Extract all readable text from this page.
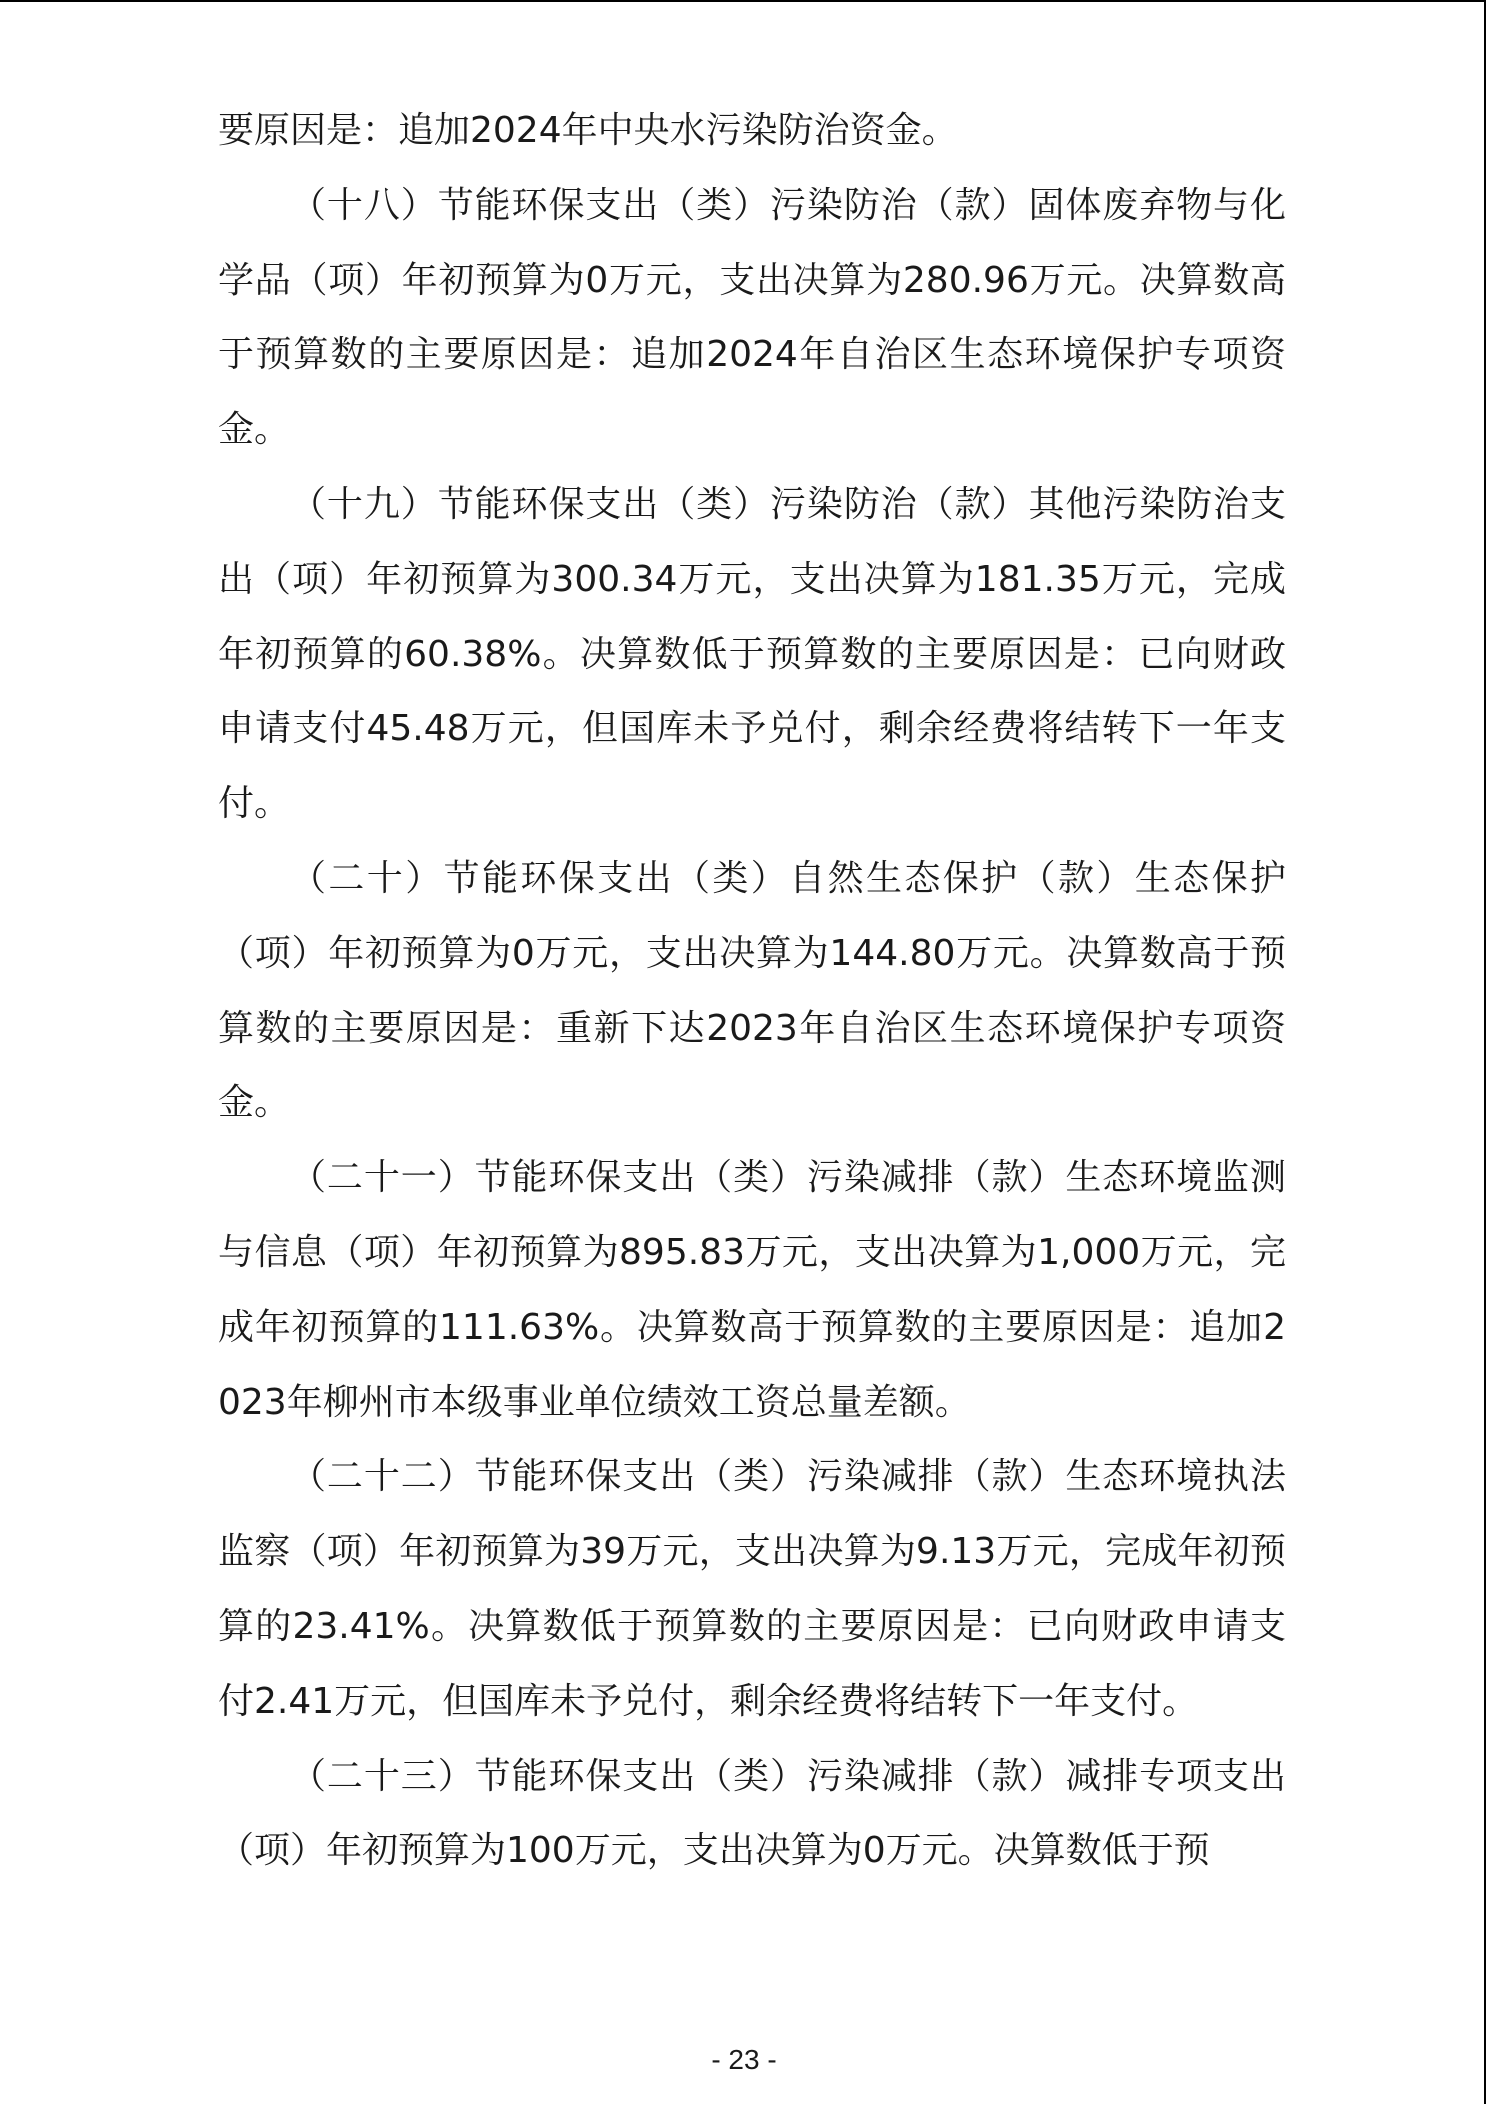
要原因是：追加2024年中央水污染防治资金。

（十八）节能环保支出（类）污染防治（款）固体废弃物与化学品（项）年初预算为0万元，支出决算为280.96万元。决算数高于预算数的主要原因是：追加2024年自治区生态环境保护专项资金。

（十九）节能环保支出（类）污染防治（款）其他污染防治支出（项）年初预算为300.34万元，支出决算为181.35万元，完成年初预算的60.38%。决算数低于预算数的主要原因是：已向财政申请支付45.48万元，但国库未予兑付，剩余经费将结转下一年支付。

（二十）节能环保支出（类）自然生态保护（款）生态保护（项）年初预算为0万元，支出决算为144.80万元。决算数高于预算数的主要原因是：重新下达2023年自治区生态环境保护专项资金。

（二十一）节能环保支出（类）污染减排（款）生态环境监测与信息（项）年初预算为895.83万元，支出决算为1,000万元，完成年初预算的111.63%。决算数高于预算数的主要原因是：追加2023年柳州市本级事业单位绩效工资总量差额。

（二十二）节能环保支出（类）污染减排（款）生态环境执法监察（项）年初预算为39万元，支出决算为9.13万元，完成年初预算的23.41%。决算数低于预算数的主要原因是：已向财政申请支付2.41万元，但国库未予兑付，剩余经费将结转下一年支付。

（二十三）节能环保支出（类）污染减排（款）减排专项支出（项）年初预算为100万元，支出决算为0万元。决算数低于预

- 23 -
